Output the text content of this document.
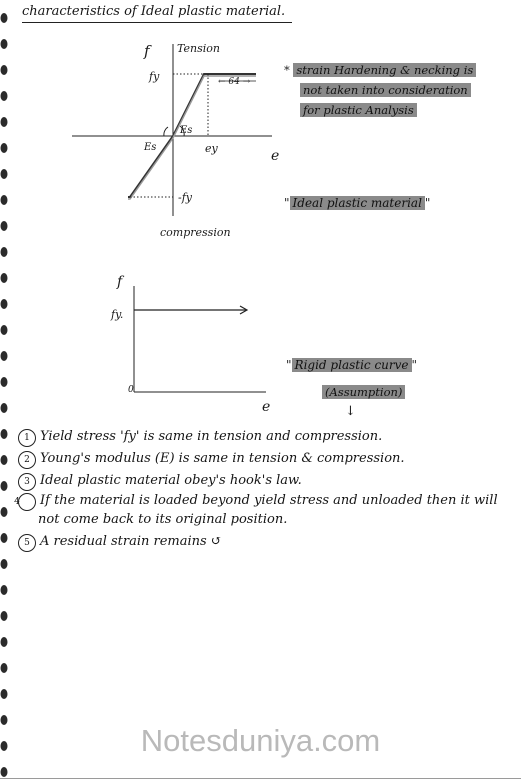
characteristics of Ideal plastic material.
f Tension
fy	← 64 →
Es
Es	ey	e
-fy
compression
* strain Hardening & necking is
not taken into consideration
for plastic Analysis
" Ideal plastic material "
f
fy.
0
e
" Rigid plastic curve "
(Assumption)
↓
1 Yield stress 'fy' is same in tension and compression.
2 Young's modulus (E) is same in tension & compression.
3 Ideal plastic material obey's hook's law.
4 If the material is loaded beyond yield stress and unloaded then it will not come back to its original position.
5 A residual strain remains ↺
Notesduniya.com
